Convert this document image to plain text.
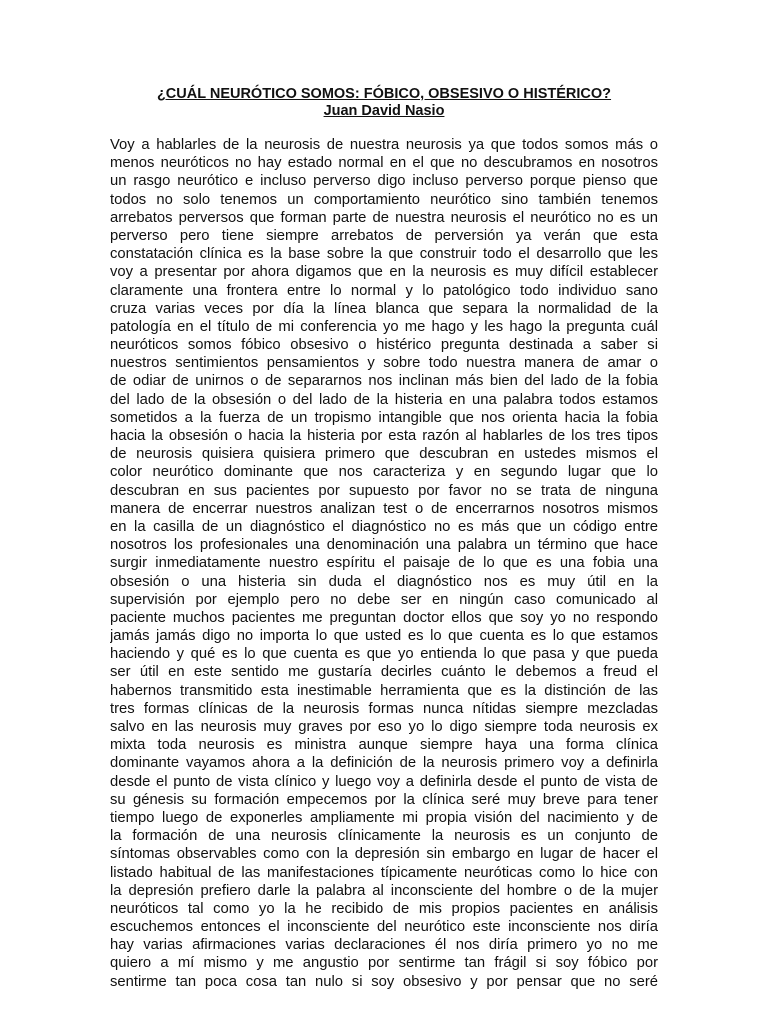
¿CUÁL NEURÓTICO SOMOS: FÓBICO, OBSESIVO O HISTÉRICO?
Juan David Nasio
Voy a hablarles de la neurosis de nuestra neurosis ya que todos somos más o
menos neuróticos no hay estado normal en el que no descubramos en nosotros
un rasgo neurótico e incluso perverso digo incluso perverso porque pienso que
todos no solo tenemos un comportamiento neurótico sino también tenemos
arrebatos perversos que forman parte de nuestra neurosis el neurótico no es un
perverso pero tiene siempre arrebatos de perversión ya verán que esta
constatación clínica es la base sobre la que construir todo el desarrollo que les
voy a presentar por ahora digamos que en la neurosis es muy difícil establecer
claramente una frontera entre lo normal y lo patológico todo individuo sano
cruza varias veces por día la línea blanca que separa la normalidad de la
patología en el título de mi conferencia yo me hago y les hago la pregunta cuál
neuróticos somos fóbico obsesivo o histérico pregunta destinada a saber si
nuestros sentimientos pensamientos y sobre todo nuestra manera de amar o
de odiar de unirnos o de separarnos nos inclinan más bien del lado de la fobia
del lado de la obsesión o del lado de la histeria en una palabra todos estamos
sometidos a la fuerza de un tropismo intangible que nos orienta hacia la fobia
hacia la obsesión o hacia la histeria por esta razón al hablarles de los tres tipos
de neurosis quisiera quisiera primero que descubran en ustedes mismos el
color neurótico dominante que nos caracteriza y en segundo lugar que lo
descubran en sus pacientes por supuesto por favor no se trata de ninguna
manera de encerrar nuestros analizan test o de encerrarnos nosotros mismos
en la casilla de un diagnóstico el diagnóstico no es más que un código entre
nosotros los profesionales una denominación una palabra un término que hace
surgir inmediatamente nuestro espíritu el paisaje de lo que es una fobia una
obsesión o una histeria sin duda el diagnóstico nos es muy útil en la
supervisión por ejemplo pero no debe ser en ningún caso comunicado al
paciente muchos pacientes me preguntan doctor ellos que soy yo no respondo
jamás jamás digo no importa lo que usted es lo que cuenta es lo que estamos
haciendo y qué es lo que cuenta es que yo entienda lo que pasa y que pueda
ser útil en este sentido me gustaría decirles cuánto le debemos a freud el
habernos transmitido esta inestimable herramienta que es la distinción de las
tres formas clínicas de la neurosis formas nunca nítidas siempre mezcladas
salvo en las neurosis muy graves por eso yo lo digo siempre toda neurosis ex
mixta toda neurosis es ministra aunque siempre haya una forma clínica
dominante vayamos ahora a la definición de la neurosis primero voy a definirla
desde el punto de vista clínico y luego voy a definirla desde el punto de vista de
su génesis su formación empecemos por la clínica seré muy breve para tener
tiempo luego de exponerles ampliamente mi propia visión del nacimiento y de
la formación de una neurosis clínicamente la neurosis es un conjunto de
síntomas observables como con la depresión sin embargo en lugar de hacer el
listado habitual de las manifestaciones típicamente neuróticas como lo hice con
la depresión prefiero darle la palabra al inconsciente del hombre o de la mujer
neuróticos tal como yo la he recibido de mis propios pacientes en análisis
escuchemos entonces el inconsciente del neurótico este inconsciente nos diría
hay varias afirmaciones varias declaraciones él nos diría primero yo no me
quiero a mí mismo y me angustio por sentirme tan frágil si soy fóbico por
sentirme tan poca cosa tan nulo si soy obsesivo y por pensar que no seré
